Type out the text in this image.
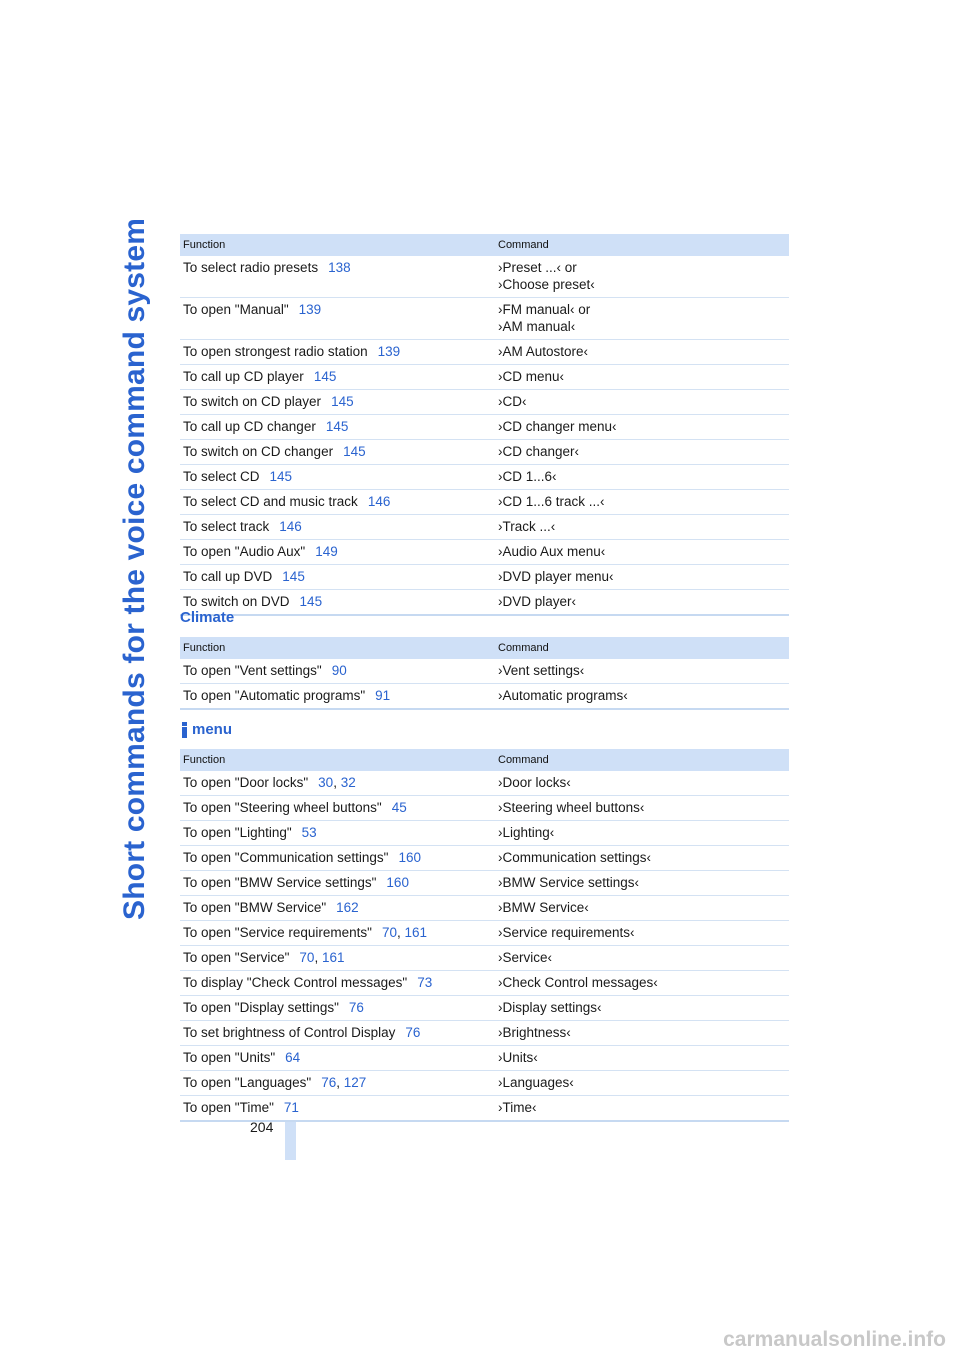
Short commands for the voice command system	Function	Command
To select radio presets 138	›Preset ...‹ or
›Choose preset‹

To open "Manual" 139	›FM manual‹ or
›AM manual‹

To open strongest radio station 139	›AM Autostore‹

To call up CD player 145	›CD menu‹

To switch on CD player 145	›CD‹

To call up CD changer 145	›CD changer menu‹

To switch on CD changer 145	›CD changer‹

To select CD 145	›CD 1...6‹

To select CD and music track 146	›CD 1...6 track ...‹

To select track 146	›Track ...‹

To open "Audio Aux" 149	›Audio Aux menu‹

To call up DVD 145	›DVD player menu‹

To switch on DVD 145	›DVD player‹
Climate
Function	Command
To open "Vent settings" 90	›Vent settings‹

To open "Automatic programs" 91	›Automatic programs‹
menu
Function	Command
To open "Door locks" 30, 32	›Door locks‹

To open "Steering wheel buttons" 45	›Steering wheel buttons‹

To open "Lighting" 53	›Lighting‹

To open "Communication settings" 160	›Communication settings‹

To open "BMW Service settings" 160	›BMW Service settings‹

To open "BMW Service" 162	›BMW Service‹

To open "Service requirements" 70, 161	›Service requirements‹

To open "Service" 70, 161	›Service‹

To display "Check Control messages" 73	›Check Control messages‹

To open "Display settings" 76	›Display settings‹

To set brightness of Control Display 76	›Brightness‹

To open "Units" 64	›Units‹

To open "Languages" 76, 127	›Languages‹

To open "Time" 71	›Time‹
204
carmanualsonline.info
